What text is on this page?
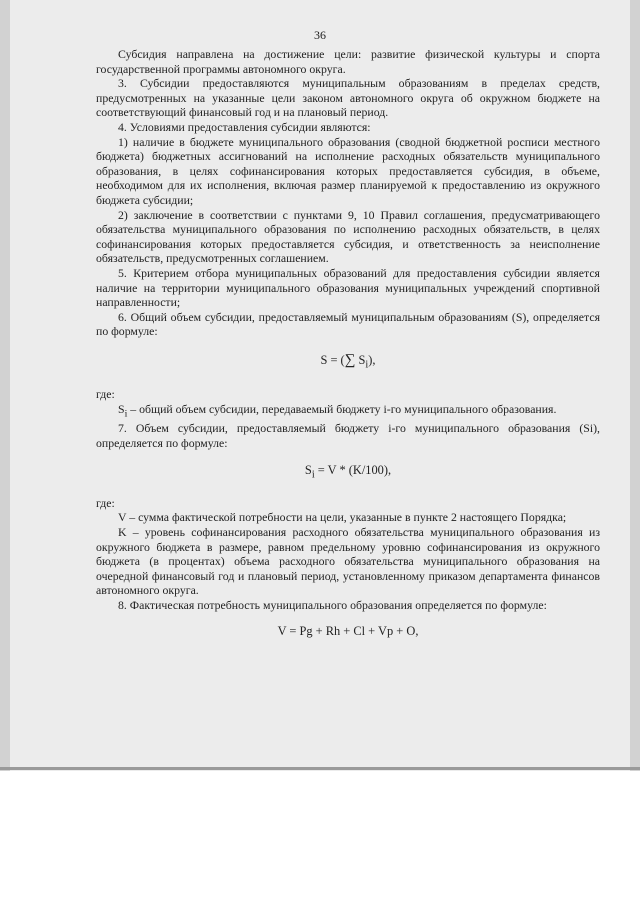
36

Субсидия направлена на достижение цели: развитие физической культуры и спорта государственной программы автономного округа.

3. Субсидии предоставляются муниципальным образованиям в пределах средств, предусмотренных на указанные цели законом автономного округа об окружном бюджете на соответствующий финансовый год и на плановый период.

4. Условиями предоставления субсидии являются:

1) наличие в бюджете муниципального образования (сводной бюджетной росписи местного бюджета) бюджетных ассигнований на исполнение расходных обязательств муниципального образования, в целях софинансирования которых предоставляется субсидия, в объеме, необходимом для их исполнения, включая размер планируемой к предоставлению из окружного бюджета субсидии;

2) заключение в соответствии с пунктами 9, 10 Правил соглашения, предусматривающего обязательства муниципального образования по исполнению расходных обязательств, в целях софинансирования которых предоставляется субсидия, и ответственность за неисполнение обязательств, предусмотренных соглашением.

5. Критерием отбора муниципальных образований для предоставления субсидии является наличие на территории муниципального образования муниципальных учреждений спортивной направленности;

6. Общий объем субсидии, предоставляемый муниципальным образованиям (S), определяется по формуле:

S = (∑ $S_i$),

где:

$S_i$ – общий объем субсидии, передаваемый бюджету i-го муниципального образования.

7. Объем субсидии, предоставляемый бюджету i-го муниципального образования (Si), определяется по формуле:

$S_i = V * (K/100)$,

где:

V – сумма фактической потребности на цели, указанные в пункте 2 настоящего Порядка;

K – уровень софинансирования расходного обязательства муниципального образования из окружного бюджета в размере, равном предельному уровню софинансирования из окружного бюджета (в процентах) объема расходного обязательства муниципального образования на очередной финансовый год и плановый период, установленному приказом департамента финансов автономного округа.

8. Фактическая потребность муниципального образования определяется по формуле:

V = Pg + Rh + Cl + Vp + O,
